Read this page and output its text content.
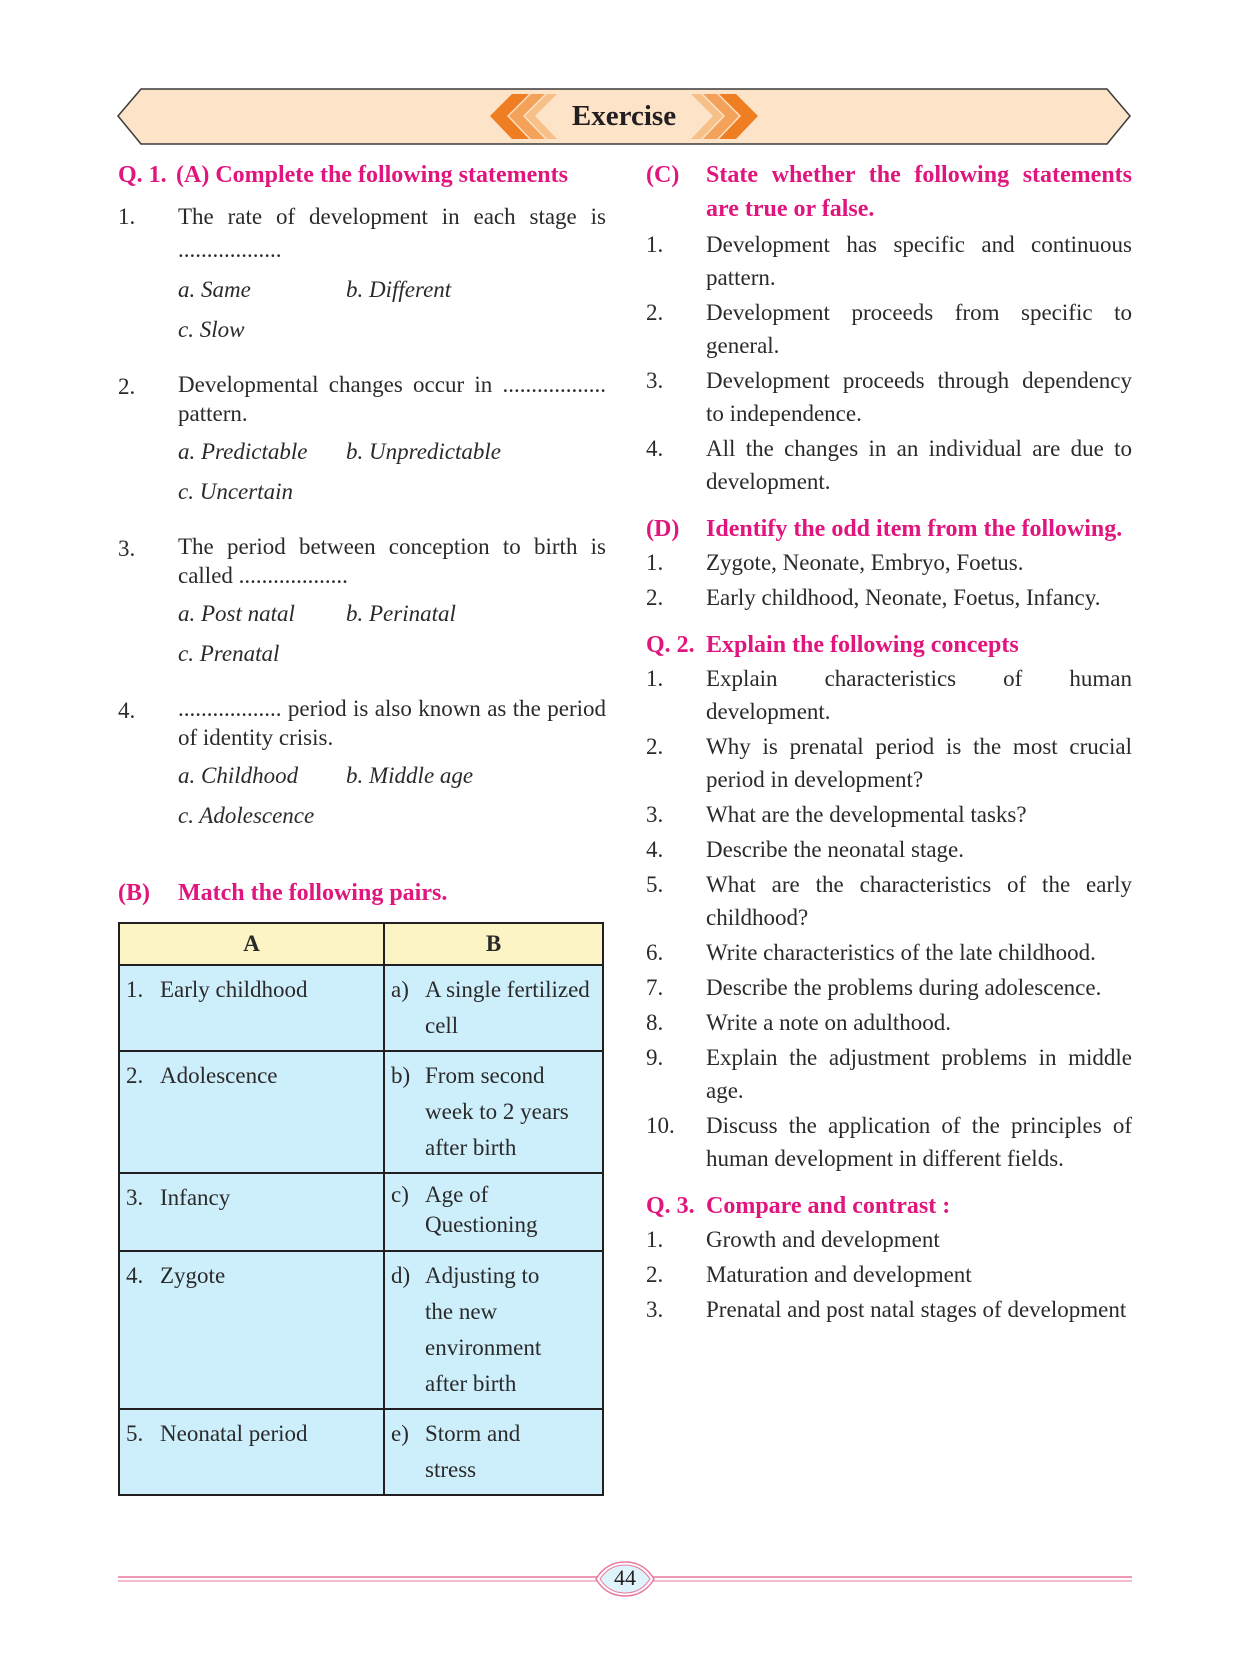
Exercise
Q. 1. (A) Complete the following statements
1.	The rate of development in each stage is ..................
a. Same	b. Different
c. Slow
2.	Developmental changes occur in .................. pattern.
a. Predictable	b. Unpredictable
c. Uncertain
3.	The period between conception to birth is called ...................
a. Post natal	b. Perinatal
c. Prenatal
4.	.................. period is also known as the period of identity crisis.
a. Childhood	b. Middle age
c. Adolescence
(B)	Match the following pairs.
A	B

1. Early childhood	a) A single fertilized cell

2. Adolescence	b) From second week to 2 years after birth

3. Infancy	c) Age of Questioning

4. Zygote	d) Adjusting to the new environment after birth

5. Neonatal period	e) Storm and stress
(C)	State whether the following statements are true or false.
1.	Development has specific and continuous pattern.
2.	Development proceeds from specific to general.
3.	Development proceeds through dependency to independence.
4.	All the changes in an individual are due to development.
(D)	Identify the odd item from the following.
1.	Zygote, Neonate, Embryo, Foetus.
2.	Early childhood, Neonate, Foetus, Infancy.
Q. 2. Explain the following concepts
1.	Explain characteristics of human development.
2.	Why is prenatal period is the most crucial period in development?
3.	What are the developmental tasks?
4.	Describe the neonatal stage.
5.	What are the characteristics of the early childhood?
6.	Write characteristics of the late childhood.
7.	Describe the problems during adolescence.
8.	Write a note on adulthood.
9.	Explain the adjustment problems in middle age.
10.	Discuss the application of the principles of human development in different fields.
Q. 3. Compare and contrast :
1.	Growth and development
2.	Maturation and development
3.	Prenatal and post natal stages of development
44
